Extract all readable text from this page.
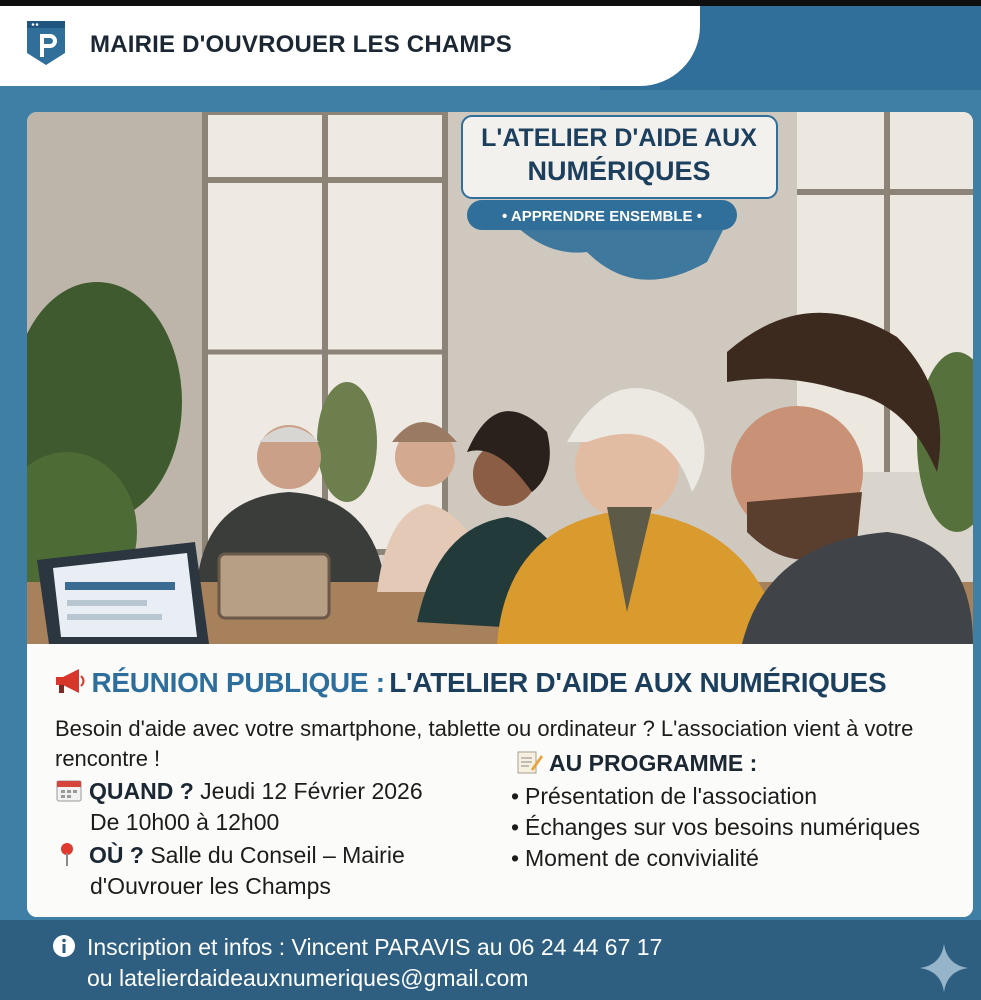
MAIRIE D'OUVROUER LES CHAMPS
L'ATELIER D'AIDE AUX
NUMÉRIQUES
• APPRENDRE ENSEMBLE •
RÉUNION PUBLIQUE : L'ATELIER D'AIDE AUX NUMÉRIQUES
Besoin d'aide avec votre smartphone, tablette ou ordinateur ? L'association vient à votre rencontre !
QUAND ? Jeudi 12 Février 2026
De 10h00 à 12h00
OÙ ? Salle du Conseil – Mairie
d'Ouvrouer les Champs
AU PROGRAMME :
• Présentation de l'association
• Échanges sur vos besoins numériques
• Moment de convivialité
Inscription et infos : Vincent PARAVIS au 06 24 44 67 17
ou latelierdaideauxnumeriques@gmail.com
